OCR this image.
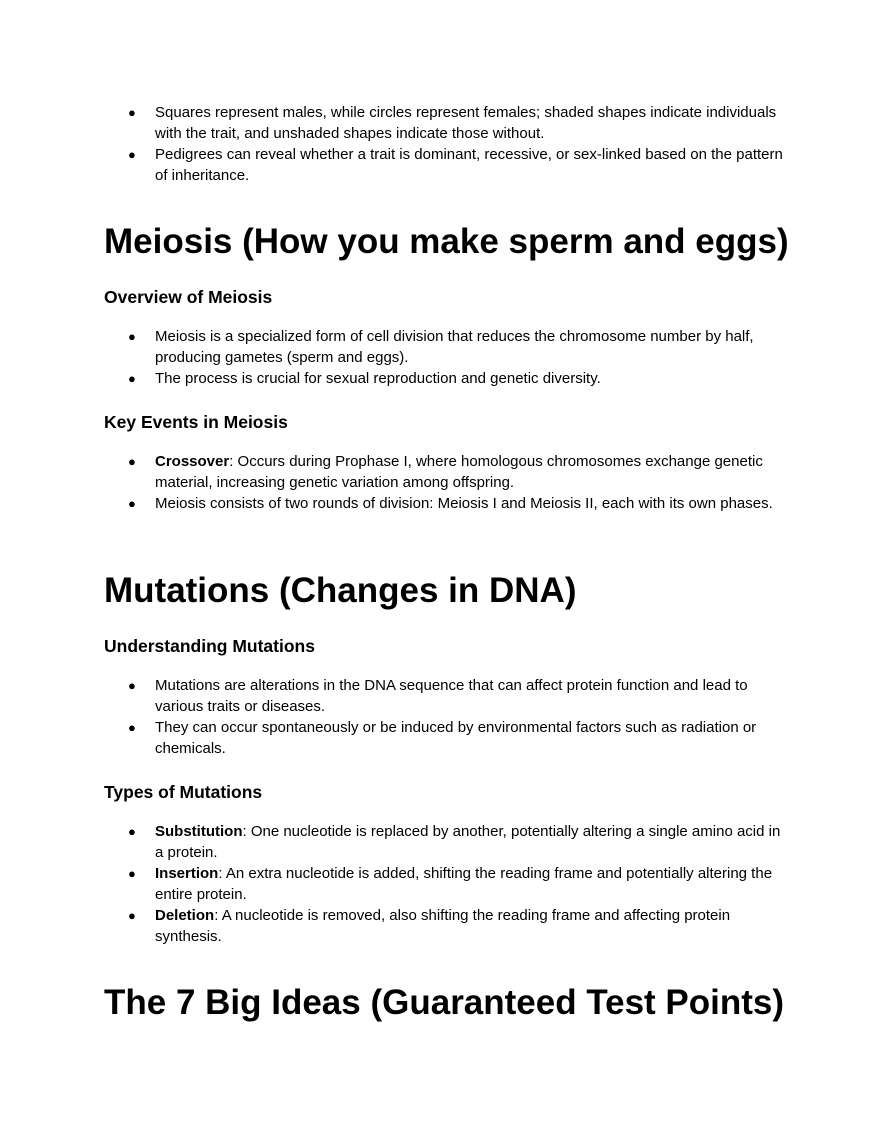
● Squares represent males, while circles represent females; shaded shapes indicate individuals with the trait, and unshaded shapes indicate those without.
● Pedigrees can reveal whether a trait is dominant, recessive, or sex-linked based on the pattern of inheritance.
Meiosis (How you make sperm and eggs)
Overview of Meiosis
● Meiosis is a specialized form of cell division that reduces the chromosome number by half, producing gametes (sperm and eggs).
● The process is crucial for sexual reproduction and genetic diversity.
Key Events in Meiosis
● Crossover: Occurs during Prophase I, where homologous chromosomes exchange genetic material, increasing genetic variation among offspring.
● Meiosis consists of two rounds of division: Meiosis I and Meiosis II, each with its own phases.
Mutations (Changes in DNA)
Understanding Mutations
● Mutations are alterations in the DNA sequence that can affect protein function and lead to various traits or diseases.
● They can occur spontaneously or be induced by environmental factors such as radiation or chemicals.
Types of Mutations
● Substitution: One nucleotide is replaced by another, potentially altering a single amino acid in a protein.
● Insertion: An extra nucleotide is added, shifting the reading frame and potentially altering the entire protein.
● Deletion: A nucleotide is removed, also shifting the reading frame and affecting protein synthesis.
The 7 Big Ideas (Guaranteed Test Points)
